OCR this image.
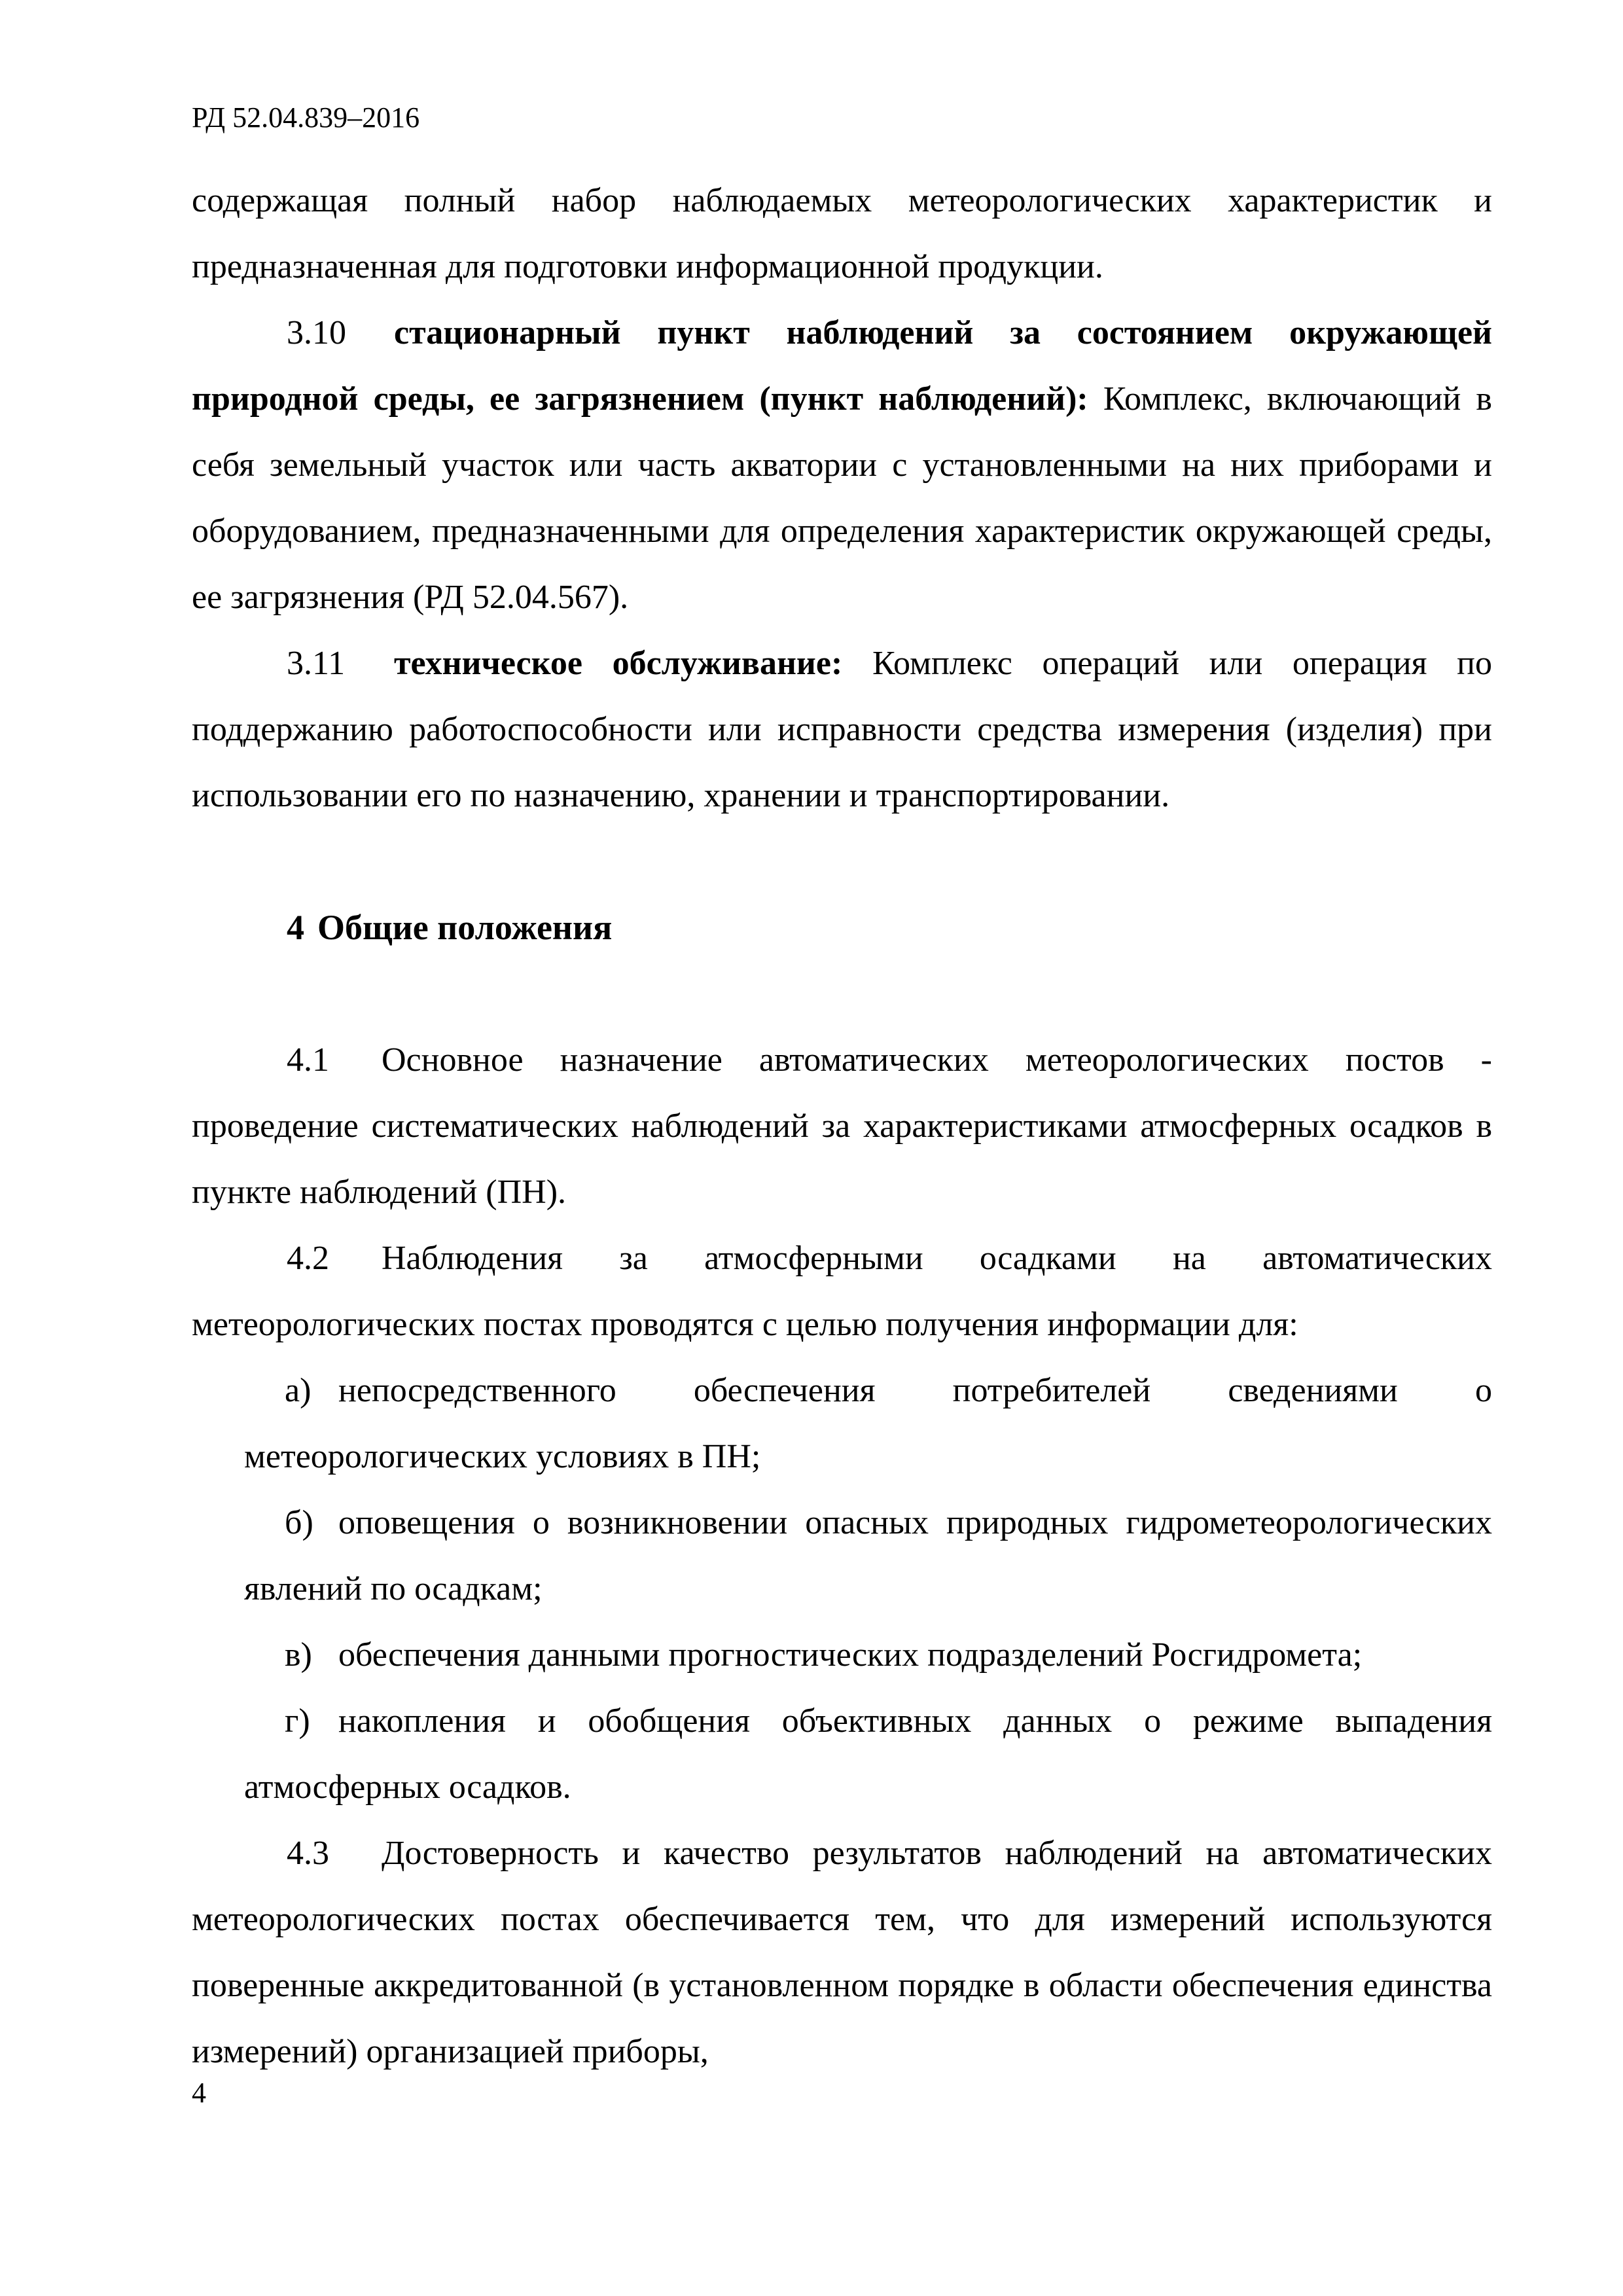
РД 52.04.839–2016

содержащая полный набор наблюдаемых метеорологических характеристик и предназначенная для подготовки информационной продукции.

3.10 стационарный пункт наблюдений за состоянием окружающей природной среды, ее загрязнением (пункт наблюдений): Комплекс, включающий в себя земельный участок или часть акватории с установленными на них приборами и оборудованием, предназначенными для определения характеристик окружающей среды, ее загрязнения (РД 52.04.567).

3.11 техническое обслуживание: Комплекс операций или операция по поддержанию работоспособности или исправности средства измерения (изделия) при использовании его по назначению, хранении и транспортировании.

4 Общие положения

4.1 Основное назначение автоматических метеорологических постов - проведение систематических наблюдений за характеристиками атмосферных осадков в пункте наблюдений (ПН).

4.2 Наблюдения за атмосферными осадками на автоматических метеорологических постах проводятся с целью получения информации для:

а) непосредственного обеспечения потребителей сведениями о метеорологических условиях в ПН;

б) оповещения о возникновении опасных природных гидрометеорологических явлений по осадкам;

в) обеспечения данными прогностических подразделений Росгидромета;

г) накопления и обобщения объективных данных о режиме выпадения атмосферных осадков.

4.3 Достоверность и качество результатов наблюдений на автоматических метеорологических постах обеспечивается тем, что для измерений используются поверенные аккредитованной (в установленном порядке в области обеспечения единства измерений) организацией приборы,

4
